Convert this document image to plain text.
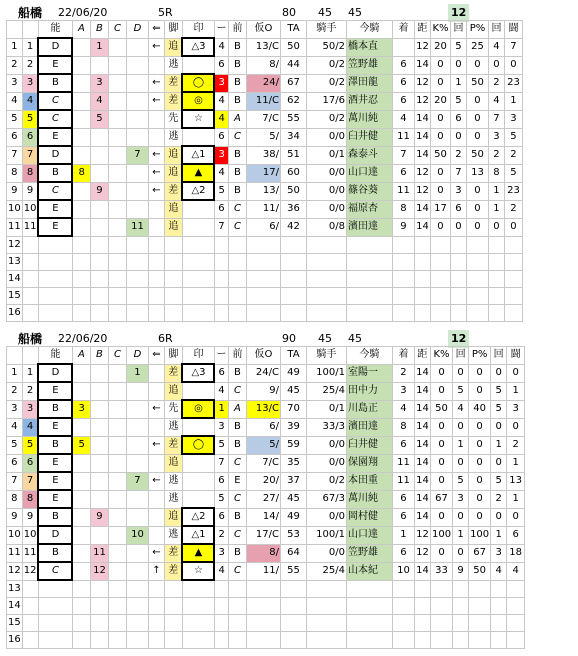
船橋 22/06/20	5R	80 45 45	12
		能	A	B	C	D	⇐	脚	印	ー	前	仮O	TA	騎手	今騎	着	距	K%	回	P%	回	闘
1	1	D		1			←	追	△3	4	B	13/C	50	50/2	橋本直		12	20	5	25	4	7
2	2	E						逃		6	B	8/	44	0/2	笠野雄	6	14	0	0	0	0	0
3	3	B		3			←	差	◯	3	B	24/	67	0/2	澤田龍	6	12	0	1	50	2	23
4	4	C		4			←	差	◎	4	B	11/C	62	17/6	酒井忍	6	12	20	5	0	4	1
5	5	C		5				先	☆	4	A	7/C	55	0/2	萬川純	4	14	0	6	0	7	3
6	6	E						逃		6	C	5/	34	0/0	臼井健	11	14	0	0	0	3	5
7	7	D				7	←	追	△1	3	B	38/	51	0/1	森泰斗	7	14	50	2	50	2	2
8	8	B	8				←	追	▲	4	B	17/	60	0/0	山口達	6	12	0	7	13	8	5
9	9	C		9			←	差	△2	5	B	13/	50	0/0	篠谷葵	11	12	0	3	0	1	23
10	10	E						追		6	C	11/	36	0/0	福原杏	8	14	17	6	0	1	2
11	11	E				11		追		7	C	6/	42	0/8	濱田達	9	14	0	0	0	0	0
12																						
13																						
14																						
15																						
16																						
船橋 22/06/20	6R	90 45 45	12
		能	A	B	C	D	⇐	脚	印	ー	前	仮O	TA	騎手	今騎	着	距	K%	回	P%	回	闘
1	1	D				1		差	△3	6	B	24/C	49	100/1	室陽一	2	14	0	0	0	0	0
2	2	E						追		4	C	9/	45	25/4	田中力	3	14	0	5	0	5	1
3	3	B	3				←	先	◎	1	A	13/C	70	0/1	川島正	4	14	50	4	40	5	3
4	4	E						逃		3	B	6/	39	33/3	濱田達	8	14	0	0	0	0	0
5	5	B	5				←	差	◯	5	B	5/	59	0/0	臼井健	6	14	0	1	0	1	2
6	6	E						追		7	C	7/C	35	0/0	保園翔	11	14	0	0	0	0	1
7	7	E				7	←	逃		6	E	20/	37	0/2	本田重	11	14	0	5	0	5	13
8	8	E						逃		5	C	27/	45	67/3	萬川純	6	14	67	3	0	2	1
9	9	B		9				追	△2	6	B	14/	49	0/0	岡村健	6	14	0	0	0	0	0
10	10	D				10		逃	△1	2	C	17/C	53	100/1	山口達	1	12	100	1	100	1	6
11	11	B		11			←	差	▲	3	B	8/	64	0/0	笠野雄	6	12	0	0	67	3	18
12	12	C		12			↑	差	☆	4	C	11/	55	25/4	山本紀	10	14	33	9	50	4	4
13																						
14																						
15																						
16																						
